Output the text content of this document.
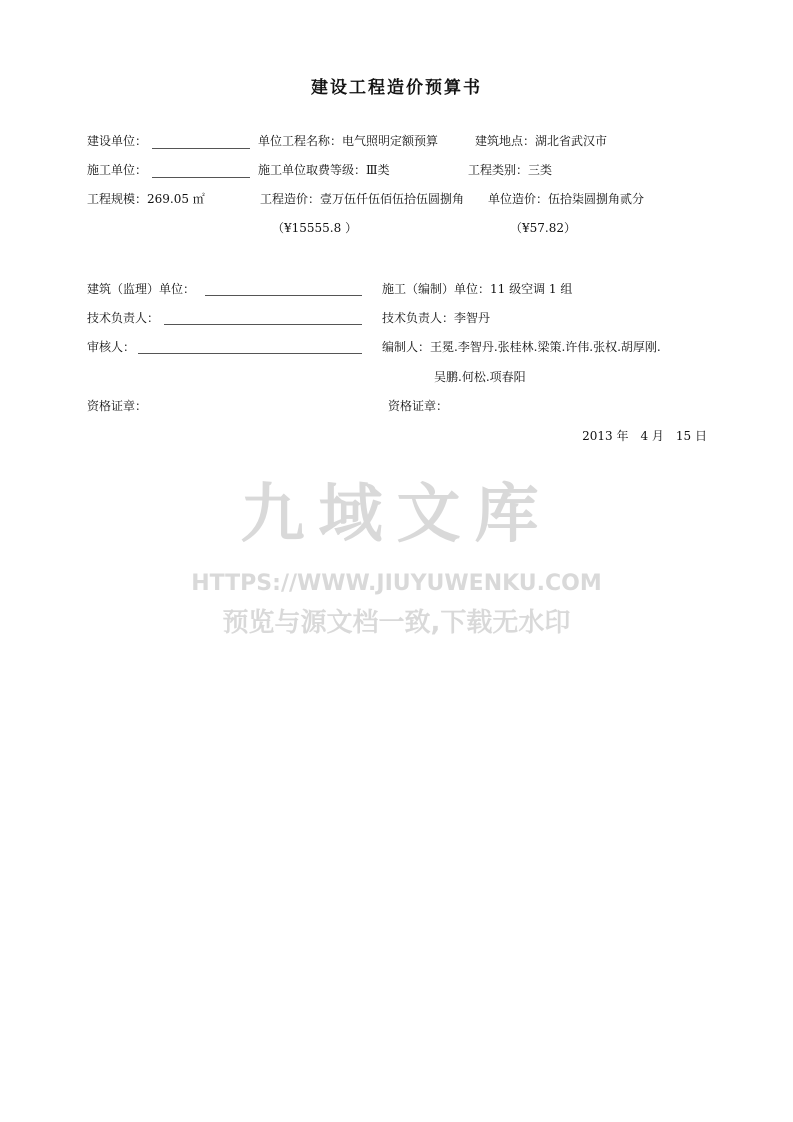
建设工程造价预算书
建设单位：	单位工程名称：电气照明定额预算	建筑地点：湖北省武汉市
施工单位：	施工单位取费等级：Ⅲ类	工程类别：三类
工程规模：269.05 ㎡	工程造价：壹万伍仟伍佰伍拾伍圆捌角 单位造价：伍拾柒圆捌角贰分
（¥15555.8 ）	（¥57.82）
建筑（监理）单位：	施工（编制）单位：11 级空调 1 组
技术负责人：	技术负责人：李智丹
审核人：	编制人：王冕.李智丹.张桂林.梁策.许伟.张权.胡厚刚.
吴鹏.何松.项春阳
资格证章：	资格证章：
2013 年　4 月　15 日
九域文库
HTTPS://WWW.JIUYUWENKU.COM
预览与源文档一致,下载无水印
